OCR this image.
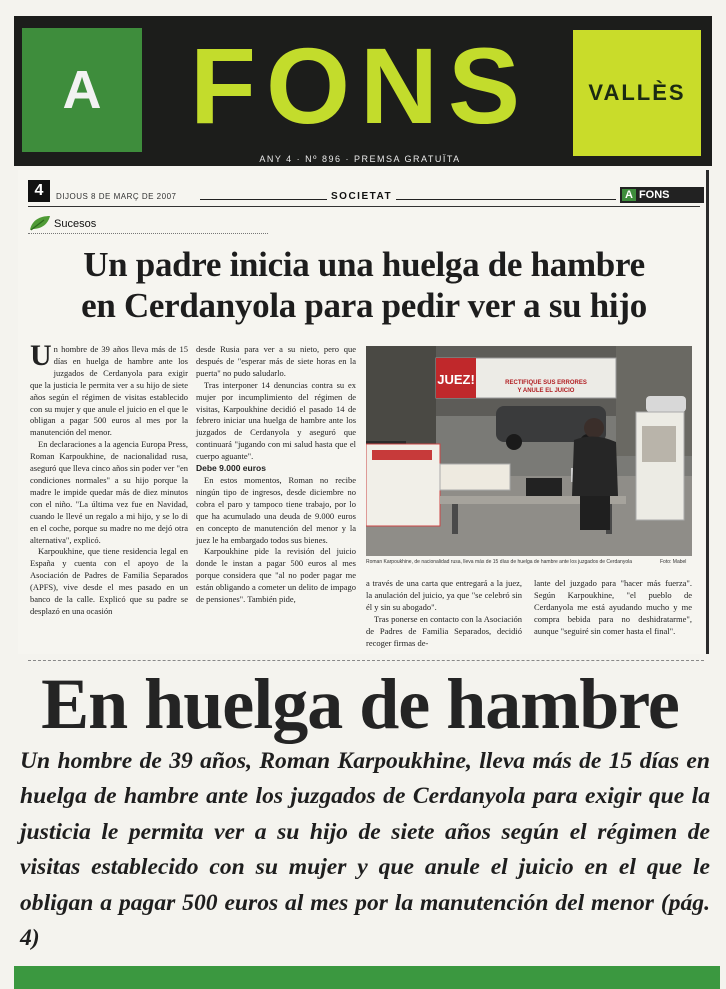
A FONS	VALLÈS
ANY 4 · Nº 896 · PREMSA GRATUÏTA
4	DIJOUS 8 DE MARÇ DE 2007	SOCIETAT	A FONS
Sucesos
Un padre inicia una huelga de hambre
en Cerdanyola para pedir ver a su hijo

Un hombre de 39 años lleva más de 15 días en huelga de hambre ante los juzgados de Cerdanyola para exigir que la justicia le permita ver a su hijo de siete años según el régimen de visitas establecido con su mujer y que anule el juicio en el que le obligan a pagar 500 euros al mes por la manutención del menor.

En declaraciones a la agencia Europa Press, Roman Karpoukhine, de nacionalidad rusa, aseguró que lleva cinco años sin poder ver "en condiciones normales" a su hijo porque la madre le impide quedar más de diez minutos con el niño. "La última vez fue en Navidad, cuando le llevé un regalo a mi hijo, y se lo di en el coche, porque su madre no me dejó otra alternativa", explicó.

Karpoukhine, que tiene residencia legal en España y cuenta con el apoyo de la Asociación de Padres de Familia Separados (APFS), vive desde el mes pasado en un banco de la calle. Explicó que su padre se desplazó en una ocasión

desde Rusia para ver a su nieto, pero que después de "esperar más de siete horas en la puerta" no pudo saludarlo.

Tras interponer 14 denuncias contra su ex mujer por incumplimiento del régimen de visitas, Karpoukhine decidió el pasado 14 de febrero iniciar una huelga de hambre ante los juzgados de Cerdanyola y aseguró que continuará "jugando con mi salud hasta que el cuerpo aguante".

Debe 9.000 euros

En estos momentos, Roman no recibe ningún tipo de ingresos, desde diciembre no cobra el paro y tampoco tiene trabajo, por lo que ha acumulado una deuda de 9.000 euros en concepto de manutención del menor y la juez le ha embargado todos sus bienes.

Karpoukhine pide la revisión del juicio donde le instan a pagar 500 euros al mes porque considera que "al no poder pagar me están obligando a cometer un delito de impago de pensiones". También pide,

JUEZ!	RECTIFIQUE SUS ERRORES
Y ANULE EL JUICIO
Roman Karpoukhine, de nacionalidad rusa, lleva más de 15 días de huelga de hambre ante los juzgados de Cerdanyola	Foto: Mabel

a través de una carta que entregará a la juez, la anulación del juicio, ya que "se celebró sin él y sin su abogado".

Tras ponerse en contacto con la Asociación de Padres de Familia Separados, decidió recoger firmas de-

lante del juzgado para "hacer más fuerza". Según Karpoukhine, "el pueblo de Cerdanyola me está ayudando mucho y me compra bebida para no deshidratarme", aunque "seguiré sin comer hasta el final".

En huelga de hambre
Un hombre de 39 años, Roman Karpoukhine, lleva más de 15 días en huelga de hambre ante los juzgados de Cerdanyola para exigir que la justicia le permita ver a su hijo de siete años según el régimen de visitas establecido con su mujer y que anule el juicio en el que le obligan a pagar 500 euros al mes por la manutención del menor (pág. 4)
